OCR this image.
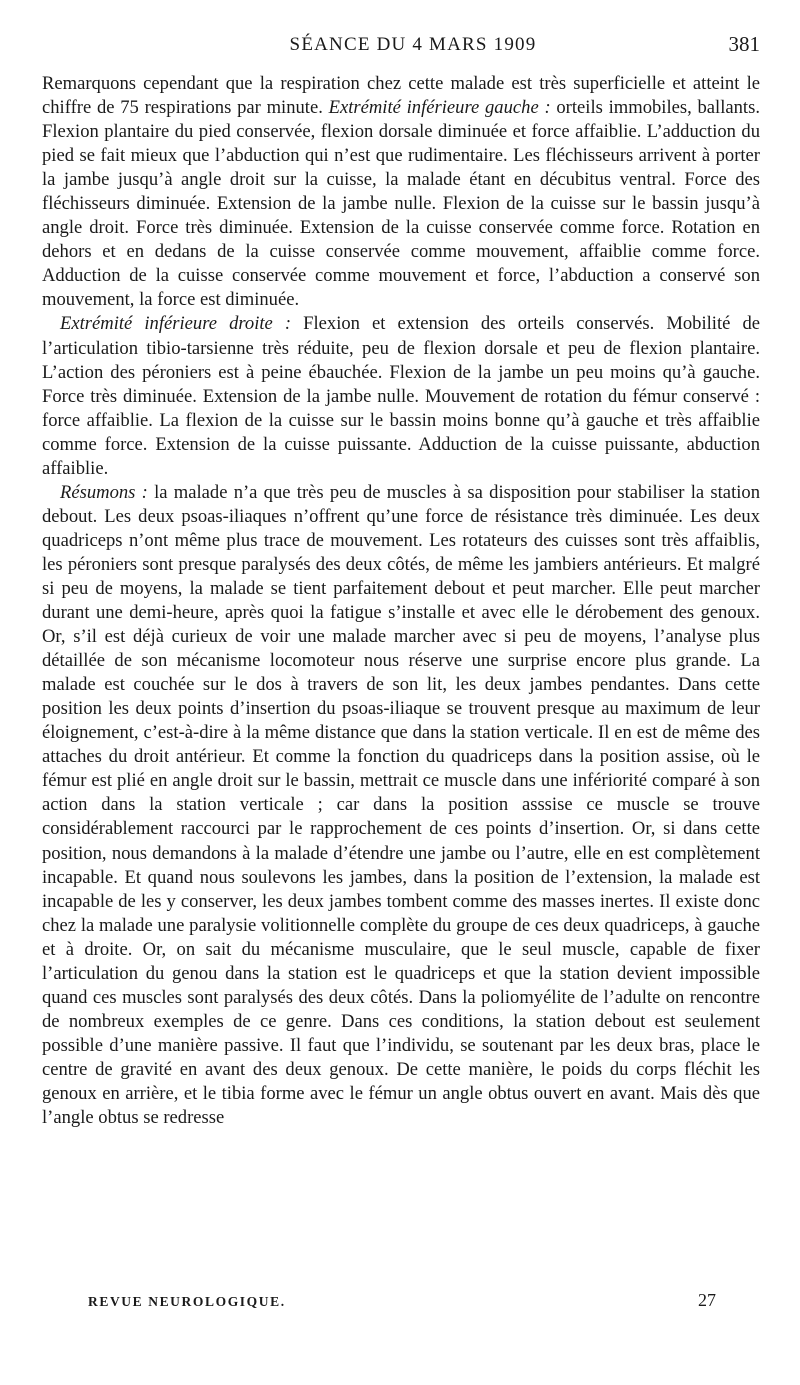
SÉANCE DU 4 MARS 1909	381

Remarquons cependant que la respiration chez cette malade est très superficielle et atteint le chiffre de 75 respirations par minute. Extrémité inférieure gauche : orteils immobiles, ballants. Flexion plantaire du pied conservée, flexion dorsale diminuée et force affaiblie. L’adduction du pied se fait mieux que l’abduction qui n’est que rudimentaire. Les fléchisseurs arrivent à porter la jambe jusqu’à angle droit sur la cuisse, la malade étant en décubitus ventral. Force des fléchisseurs diminuée. Extension de la jambe nulle. Flexion de la cuisse sur le bassin jusqu’à angle droit. Force très diminuée. Extension de la cuisse conservée comme force. Rotation en dehors et en dedans de la cuisse conservée comme mouvement, affaiblie comme force. Adduction de la cuisse conservée comme mouvement et force, l’abduction a conservé son mouvement, la force est diminuée.

Extrémité inférieure droite : Flexion et extension des orteils conservés. Mobilité de l’articulation tibio-tarsienne très réduite, peu de flexion dorsale et peu de flexion plantaire. L’action des péroniers est à peine ébauchée. Flexion de la jambe un peu moins qu’à gauche. Force très diminuée. Extension de la jambe nulle. Mouvement de rotation du fémur conservé : force affaiblie. La flexion de la cuisse sur le bassin moins bonne qu’à gauche et très affaiblie comme force. Extension de la cuisse puissante. Adduction de la cuisse puissante, abduction affaiblie.

Résumons : la malade n’a que très peu de muscles à sa disposition pour stabiliser la station debout. Les deux psoas-iliaques n’offrent qu’une force de résistance très diminuée. Les deux quadriceps n’ont même plus trace de mouvement. Les rotateurs des cuisses sont très affaiblis, les péroniers sont presque paralysés des deux côtés, de même les jambiers antérieurs. Et malgré si peu de moyens, la malade se tient parfaitement debout et peut marcher. Elle peut marcher durant une demi-heure, après quoi la fatigue s’installe et avec elle le dérobement des genoux. Or, s’il est déjà curieux de voir une malade marcher avec si peu de moyens, l’analyse plus détaillée de son mécanisme locomoteur nous réserve une surprise encore plus grande. La malade est couchée sur le dos à travers de son lit, les deux jambes pendantes. Dans cette position les deux points d’insertion du psoas-iliaque se trouvent presque au maximum de leur éloignement, c’est-à-dire à la même distance que dans la station verticale. Il en est de même des attaches du droit antérieur. Et comme la fonction du quadriceps dans la position assise, où le fémur est plié en angle droit sur le bassin, mettrait ce muscle dans une infériorité comparé à son action dans la station verticale ; car dans la position asssise ce muscle se trouve considérablement raccourci par le rapprochement de ces points d’insertion. Or, si dans cette position, nous demandons à la malade d’étendre une jambe ou l’autre, elle en est complètement incapable. Et quand nous soulevons les jambes, dans la position de l’extension, la malade est incapable de les y conserver, les deux jambes tombent comme des masses inertes. Il existe donc chez la malade une paralysie volitionnelle complète du groupe de ces deux quadriceps, à gauche et à droite. Or, on sait du mécanisme musculaire, que le seul muscle, capable de fixer l’articulation du genou dans la station est le quadriceps et que la station devient impossible quand ces muscles sont paralysés des deux côtés. Dans la poliomyélite de l’adulte on rencontre de nombreux exemples de ce genre. Dans ces conditions, la station debout est seulement possible d’une manière passive. Il faut que l’individu, se soutenant par les deux bras, place le centre de gravité en avant des deux genoux. De cette manière, le poids du corps fléchit les genoux en arrière, et le tibia forme avec le fémur un angle obtus ouvert en avant. Mais dès que l’angle obtus se redresse

REVUE NEUROLOGIQUE.	27
